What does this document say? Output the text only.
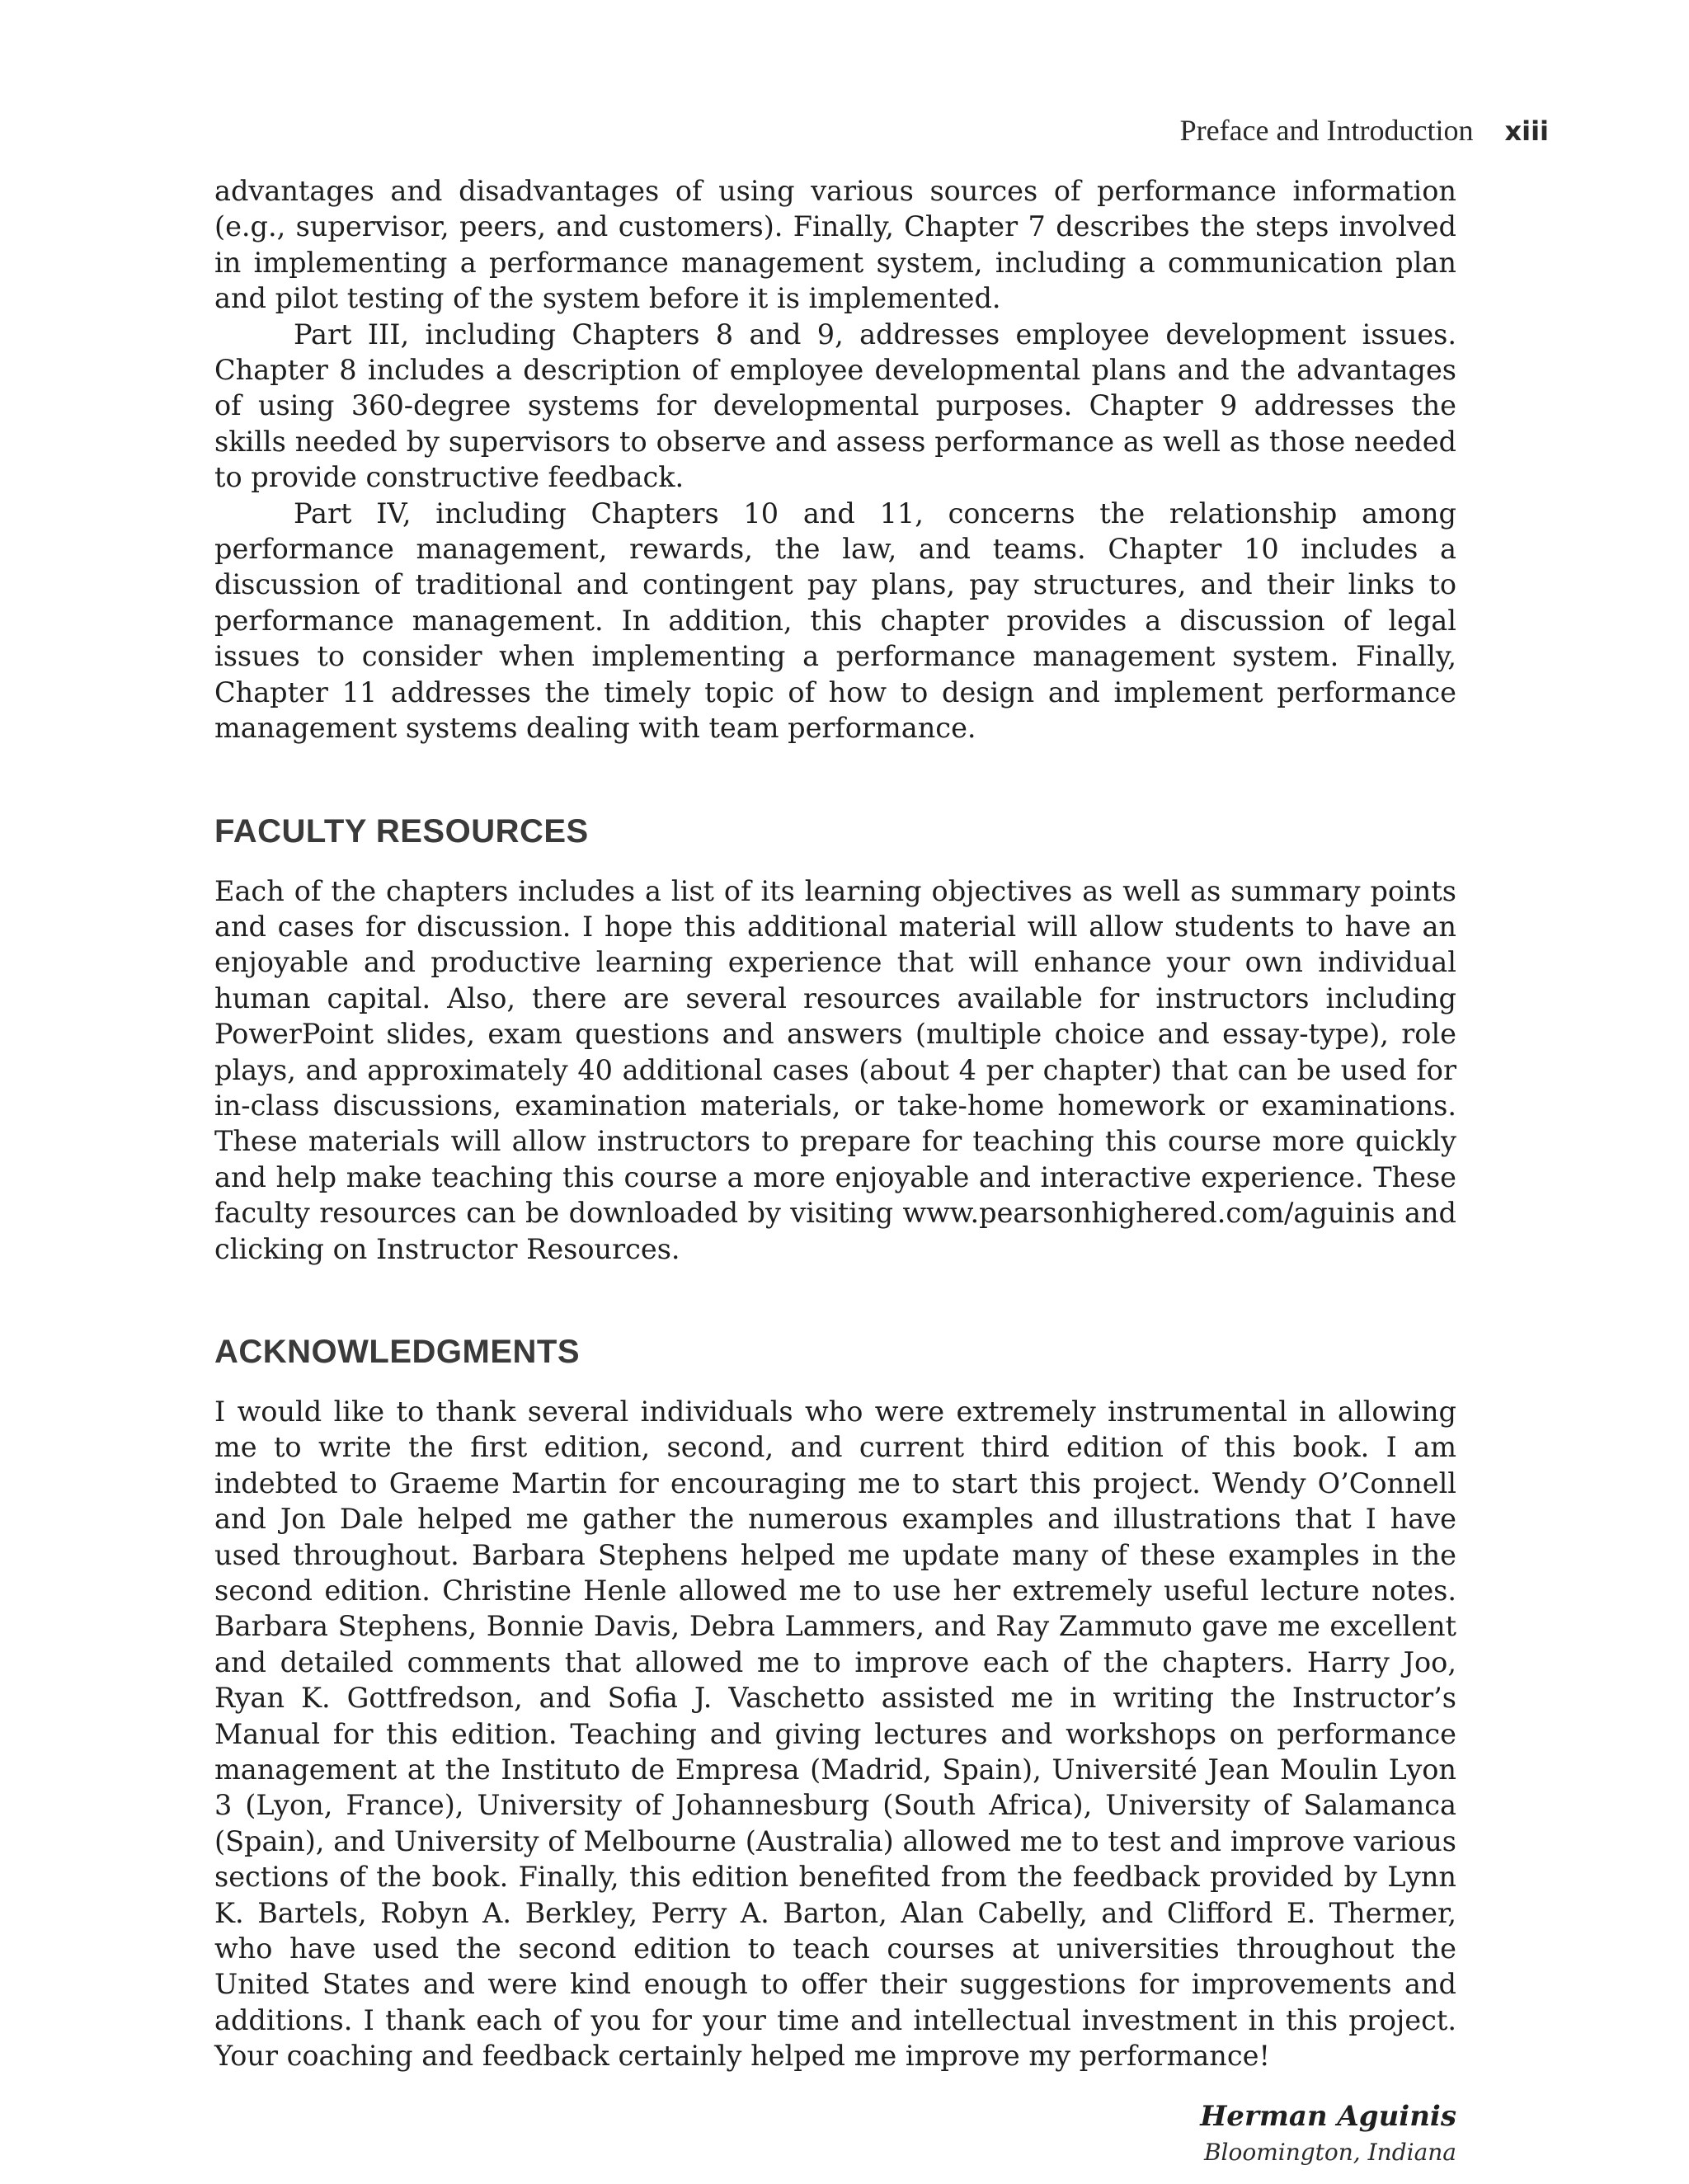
Preface and Introduction xiii

advantages and disadvantages of using various sources of performance information (e.g., supervisor, peers, and customers). Finally, Chapter 7 describes the steps involved in implementing a performance management system, including a communication plan and pilot testing of the system before it is implemented.

Part III, including Chapters 8 and 9, addresses employee development issues. Chapter 8 includes a description of employee developmental plans and the advantages of using 360-degree systems for developmental purposes. Chapter 9 addresses the skills needed by supervisors to observe and assess performance as well as those needed to provide constructive feedback.

Part IV, including Chapters 10 and 11, concerns the relationship among performance management, rewards, the law, and teams. Chapter 10 includes a discussion of traditional and contingent pay plans, pay structures, and their links to performance management. In addition, this chapter provides a discussion of legal issues to consider when implementing a performance management system. Finally, Chapter 11 addresses the timely topic of how to design and implement performance management systems dealing with team performance.

FACULTY RESOURCES

Each of the chapters includes a list of its learning objectives as well as summary points and cases for discussion. I hope this additional material will allow students to have an enjoyable and productive learning experience that will enhance your own individual human capital. Also, there are several resources available for instructors including PowerPoint slides, exam questions and answers (multiple choice and essay-type), role plays, and approximately 40 additional cases (about 4 per chapter) that can be used for in-class discussions, examination materials, or take-home homework or examinations. These materials will allow instructors to prepare for teaching this course more quickly and help make teaching this course a more enjoyable and interactive experience. These faculty resources can be downloaded by visiting www.pearsonhighered.com/aguinis and clicking on Instructor Resources.

ACKNOWLEDGMENTS

I would like to thank several individuals who were extremely instrumental in allowing me to write the first edition, second, and current third edition of this book. I am indebted to Graeme Martin for encouraging me to start this project. Wendy O’Connell and Jon Dale helped me gather the numerous examples and illustrations that I have used throughout. Barbara Stephens helped me update many of these examples in the second edition. Christine Henle allowed me to use her extremely useful lecture notes. Barbara Stephens, Bonnie Davis, Debra Lammers, and Ray Zammuto gave me excellent and detailed comments that allowed me to improve each of the chapters. Harry Joo, Ryan K. Gottfredson, and Sofia J. Vaschetto assisted me in writing the Instructor’s Manual for this edition. Teaching and giving lectures and workshops on performance management at the Instituto de Empresa (Madrid, Spain), Université Jean Moulin Lyon 3 (Lyon, France), University of Johannesburg (South Africa), University of Salamanca (Spain), and University of Melbourne (Australia) allowed me to test and improve various sections of the book. Finally, this edition benefited from the feedback provided by Lynn K. Bartels, Robyn A. Berkley, Perry A. Barton, Alan Cabelly, and Clifford E. Thermer, who have used the second edition to teach courses at universities throughout the United States and were kind enough to offer their suggestions for improvements and additions. I thank each of you for your time and intellectual investment in this project. Your coaching and feedback certainly helped me improve my performance!

Herman Aguinis
Bloomington, Indiana
